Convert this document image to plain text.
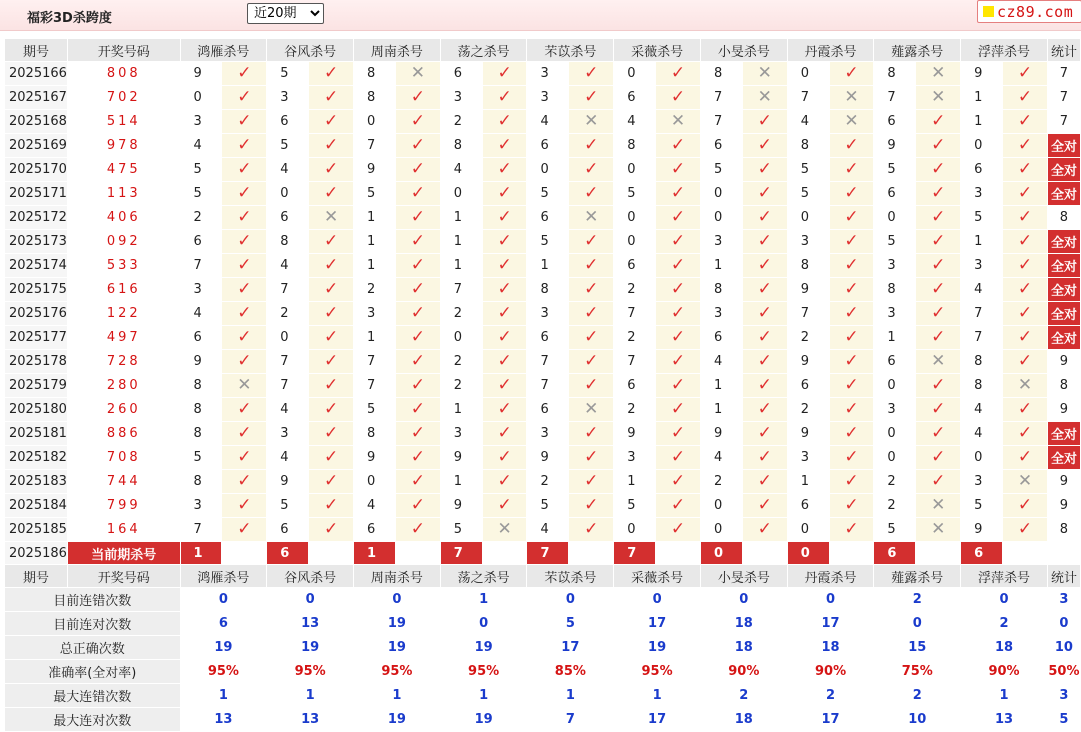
福彩3D杀跨度
近20期	cz89.com
期号	开奖号码	鸿雁杀号		谷风杀号		周南杀号		荡之杀号		芣苡杀号		采薇杀号		小旻杀号		丹霞杀号		薤露杀号		浮萍杀号		统计
2025166	808	9	✓	5	✓	8	✕	6	✓	3	✓	0	✓	8	✕	0	✓	8	✕	9	✓	7
2025167	702	0	✓	3	✓	8	✓	3	✓	3	✓	6	✓	7	✕	7	✕	7	✕	1	✓	7
2025168	514	3	✓	6	✓	0	✓	2	✓	4	✕	4	✕	7	✓	4	✕	6	✓	1	✓	7
2025169	978	4	✓	5	✓	7	✓	8	✓	6	✓	8	✓	6	✓	8	✓	9	✓	0	✓	全对
2025170	475	5	✓	4	✓	9	✓	4	✓	0	✓	0	✓	5	✓	5	✓	5	✓	6	✓	全对
2025171	113	5	✓	0	✓	5	✓	0	✓	5	✓	5	✓	0	✓	5	✓	6	✓	3	✓	全对
2025172	406	2	✓	6	✕	1	✓	1	✓	6	✕	0	✓	0	✓	0	✓	0	✓	5	✓	8
2025173	092	6	✓	8	✓	1	✓	1	✓	5	✓	0	✓	3	✓	3	✓	5	✓	1	✓	全对
2025174	533	7	✓	4	✓	1	✓	1	✓	1	✓	6	✓	1	✓	8	✓	3	✓	3	✓	全对
2025175	616	3	✓	7	✓	2	✓	7	✓	8	✓	2	✓	8	✓	9	✓	8	✓	4	✓	全对
2025176	122	4	✓	2	✓	3	✓	2	✓	3	✓	7	✓	3	✓	7	✓	3	✓	7	✓	全对
2025177	497	6	✓	0	✓	1	✓	0	✓	6	✓	2	✓	6	✓	2	✓	1	✓	7	✓	全对
2025178	728	9	✓	7	✓	7	✓	2	✓	7	✓	7	✓	4	✓	9	✓	6	✕	8	✓	9
2025179	280	8	✕	7	✓	7	✓	2	✓	7	✓	6	✓	1	✓	6	✓	0	✓	8	✕	8
2025180	260	8	✓	4	✓	5	✓	1	✓	6	✕	2	✓	1	✓	2	✓	3	✓	4	✓	9
2025181	886	8	✓	3	✓	8	✓	3	✓	3	✓	9	✓	9	✓	9	✓	0	✓	4	✓	全对
2025182	708	5	✓	4	✓	9	✓	9	✓	9	✓	3	✓	4	✓	3	✓	0	✓	0	✓	全对
2025183	744	8	✓	9	✓	0	✓	1	✓	2	✓	1	✓	2	✓	1	✓	2	✓	3	✕	9
2025184	799	3	✓	5	✓	4	✓	9	✓	5	✓	5	✓	0	✓	6	✓	2	✕	5	✓	9
2025185	164	7	✓	6	✓	6	✓	5	✕	4	✓	0	✓	0	✓	0	✓	5	✕	9	✓	8
2025186	当前期杀号	1		6		1		7		7		7		0		0		6		6		
期号	开奖号码	鸿雁杀号		谷风杀号		周南杀号		荡之杀号		芣苡杀号		采薇杀号		小旻杀号		丹霞杀号		薤露杀号		浮萍杀号		统计
目前连错次数		0		0		0		1		0		0		0		0		2		0		3
目前连对次数		6		13		19		0		5		17		18		17		0		2		0
总正确次数		19		19		19		19		17		19		18		18		15		18		10
准确率(全对率)		95%		95%		95%		95%		85%		95%		90%		90%		75%		90%		50%
最大连错次数		1		1		1		1		1		1		2		2		2		1		3
最大连对次数		13		13		19		19		7		17		18		17		10		13		5
